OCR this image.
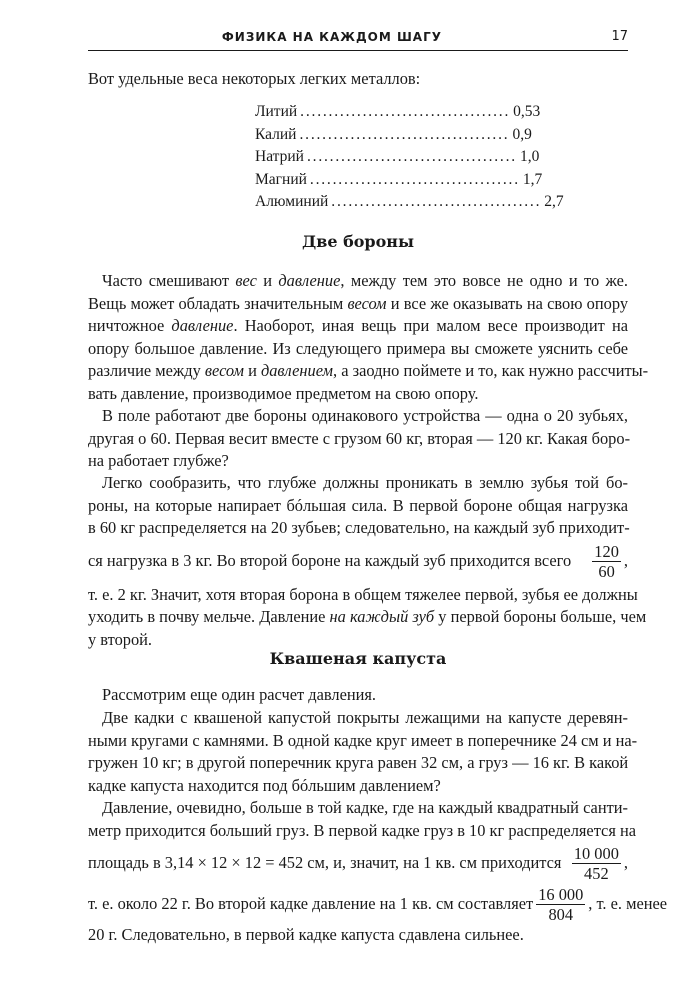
ФИЗИКА НА КАЖДОМ ШАГУ	17
Вот удельные веса некоторых легких металлов:
Литий ..................................... 0,53
Калий ..................................... 0,9
Натрий ..................................... 1,0
Магний ..................................... 1,7
Алюминий ..................................... 2,7
Две бороны
Часто смешивают вес и давление, между тем это вовсе не одно и то же.
Вещь может обладать значительным весом и все же оказывать на свою опору
ничтожное давление. Наоборот, иная вещь при малом весе производит на
опору большое давление. Из следующего примера вы сможете уяснить себе
различие между весом и давлением, а заодно поймете и то, как нужно рассчиты-
вать давление, производимое предметом на свою опору.
В поле работают две бороны одинакового устройства — одна о 20 зубьях,
другая о 60. Первая весит вместе с грузом 60 кг, вторая — 120 кг. Какая боро-
на работает глубже?
Легко сообразить, что глубже должны проникать в землю зубья той бо-
роны, на которые напирает бóльшая сила. В первой бороне общая нагрузка
в 60 кг распределяется на 20 зубьев; следовательно, на каждый зуб приходит-
ся нагрузка в 3 кг. Во второй бороне на каждый зуб приходится всего $\frac{120}{60}$ ,
т. е. 2 кг. Значит, хотя вторая борона в общем тяжелее первой, зубья ее должны
уходить в почву мельче. Давление на каждый зуб у первой бороны больше, чем
у второй.
Квашеная капуста
Рассмотрим еще один расчет давления.
Две кадки с квашеной капустой покрыты лежащими на капусте деревян-
ными кругами с камнями. В одной кадке круг имеет в поперечнике 24 см и на-
гружен 10 кг; в другой поперечник круга равен 32 см, а груз — 16 кг. В какой
кадке капуста находится под бóльшим давлением?
Давление, очевидно, больше в той кадке, где на каждый квадратный санти-
метр приходится больший груз. В первой кадке груз в 10 кг распределяется на
площадь в 3,14 × 12 × 12 = 452 см, и, значит, на 1 кв. см приходится $\frac{10 000}{452}$ ,
т. е. около 22 г. Во второй кадке давление на 1 кв. см составляет $\frac{16 000}{804}$ , т. е. менее
20 г. Следовательно, в первой кадке капуста сдавлена сильнее.
